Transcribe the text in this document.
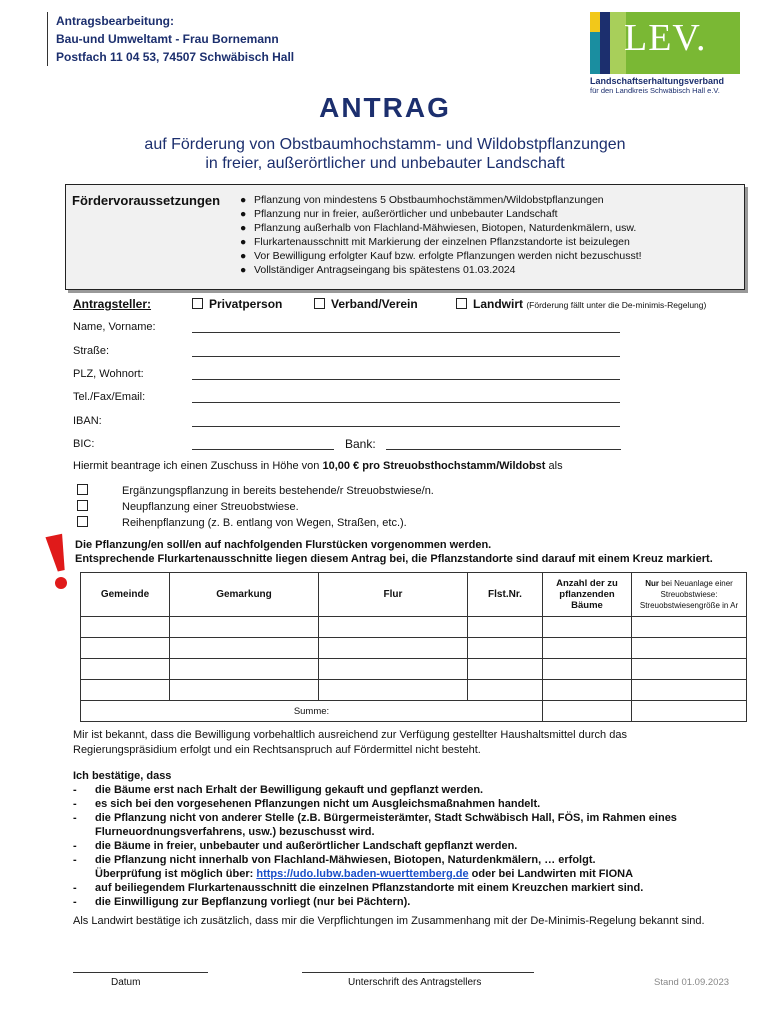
Antragsbearbeitung:
Bau-und Umweltamt - Frau Bornemann
Postfach 11 04 53, 74507 Schwäbisch Hall	LEV.
Landschaftserhaltungsverband
für den Landkreis Schwäbisch Hall e.V.
ANTRAG
auf Förderung von Obstbaumhochstamm- und Wildobstpflanzungen
in freier, außerörtlicher und unbebauter Landschaft
Fördervoraussetzungen ● Pflanzung von mindestens 5 Obstbaumhochstämmen/Wildobstpflanzungen
● Pflanzung nur in freier, außerörtlicher und unbebauter Landschaft
● Pflanzung außerhalb von Flachland-Mähwiesen, Biotopen, Naturdenkmälern, usw.
● Flurkartenausschnitt mit Markierung der einzelnen Pflanzstandorte ist beizulegen
● Vor Bewilligung erfolgter Kauf bzw. erfolgte Pflanzungen werden nicht bezuschusst!
● Vollständiger Antragseingang bis spätestens 01.03.2024
Antragsteller:	Privatperson	Verband/Verein	Landwirt (Förderung fällt unter die De-minimis-Regelung)
Name, Vorname:
Straße:
PLZ, Wohnort:
Tel./Fax/Email:
IBAN:
BIC:	Bank:
Hiermit beantrage ich einen Zuschuss in Höhe von 10,00 € pro Streuobsthochstamm/Wildobst als
Ergänzungspflanzung in bereits bestehende/r Streuobstwiese/n.
Neupflanzung einer Streuobstwiese.
Reihenpflanzung (z. B. entlang von Wegen, Straßen, etc.).
Die Pflanzung/en soll/en auf nachfolgenden Flurstücken vorgenommen werden.
Entsprechende Flurkartenausschnitte liegen diesem Antrag bei, die Pflanzstandorte sind darauf mit einem Kreuz markiert.
Gemeinde	Gemarkung	Flur	Flst.Nr.	Anzahl der zu pflanzenden Bäume	Nur bei Neuanlage einer Streuobstwiese: Streuobstwiesengröße in Ar

Summe:					
Mir ist bekannt, dass die Bewilligung vorbehaltlich ausreichend zur Verfügung gestellter Haushaltsmittel durch das Regierungspräsidium erfolgt und ein Rechtsanspruch auf Fördermittel nicht besteht.
Ich bestätige, dass
-	die Bäume erst nach Erhalt der Bewilligung gekauft und gepflanzt werden.
-	es sich bei den vorgesehenen Pflanzungen nicht um Ausgleichsmaßnahmen handelt.
-	die Pflanzung nicht von anderer Stelle (z.B. Bürgermeisterämter, Stadt Schwäbisch Hall, FÖS, im Rahmen eines Flurneuordnungsverfahrens, usw.) bezuschusst wird.
-	die Bäume in freier, unbebauter und außerörtlicher Landschaft gepflanzt werden.
-	die Pflanzung nicht innerhalb von Flachland-Mähwiesen, Biotopen, Naturdenkmälern, … erfolgt.
Überprüfung ist möglich über: https://udo.lubw.baden-wuerttemberg.de oder bei Landwirten mit FIONA
-	auf beiliegendem Flurkartenausschnitt die einzelnen Pflanzstandorte mit einem Kreuzchen markiert sind.
-	die Einwilligung zur Bepflanzung vorliegt (nur bei Pächtern).
Als Landwirt bestätige ich zusätzlich, dass mir die Verpflichtungen im Zusammenhang mit der De-Minimis-Regelung bekannt sind.
Datum	Unterschrift des Antragstellers	Stand 01.09.2023
